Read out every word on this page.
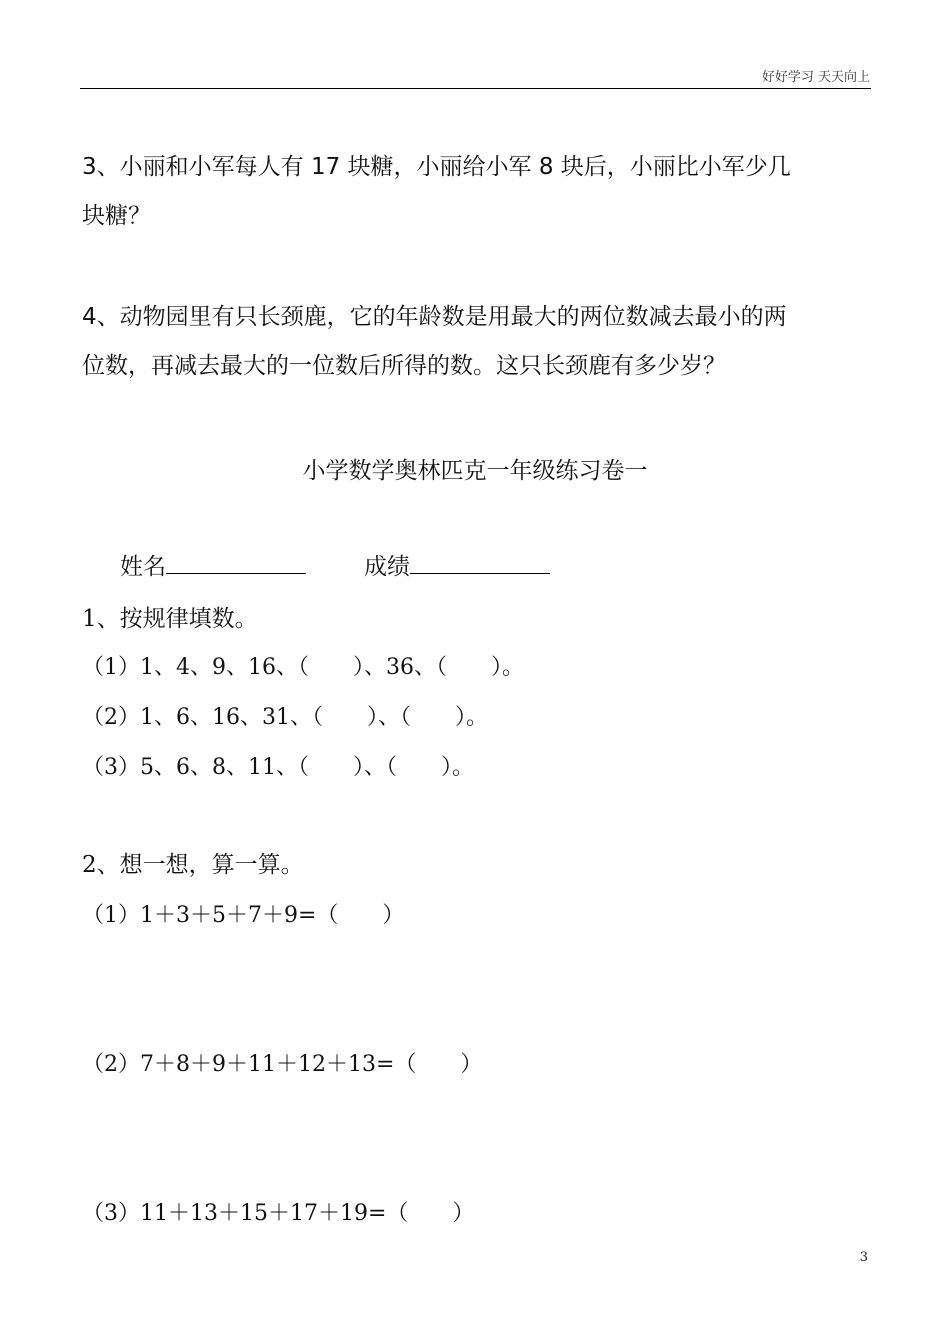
好好学习 天天向上
3、小丽和小军每人有 17 块糖，小丽给小军 8 块后，小丽比小军少几
块糖？
4、动物园里有只长颈鹿，它的年龄数是用最大的两位数减去最小的两
位数，再减去最大的一位数后所得的数。这只长颈鹿有多少岁？
小学数学奥林匹克一年级练习卷一
姓名	成绩
1、按规律填数。
（1）1、4、9、16、（　　）、36、（　　）。
（2）1、6、16、31、（　　）、（　　）。
（3）5、6、8、11、（　　）、（　　）。
2、想一想，算一算。
（1）1＋3＋5＋7＋9=（　　）
（2）7＋8＋9＋11＋12＋13=（　　）
（3）11＋13＋15＋17＋19=（　　）
3
